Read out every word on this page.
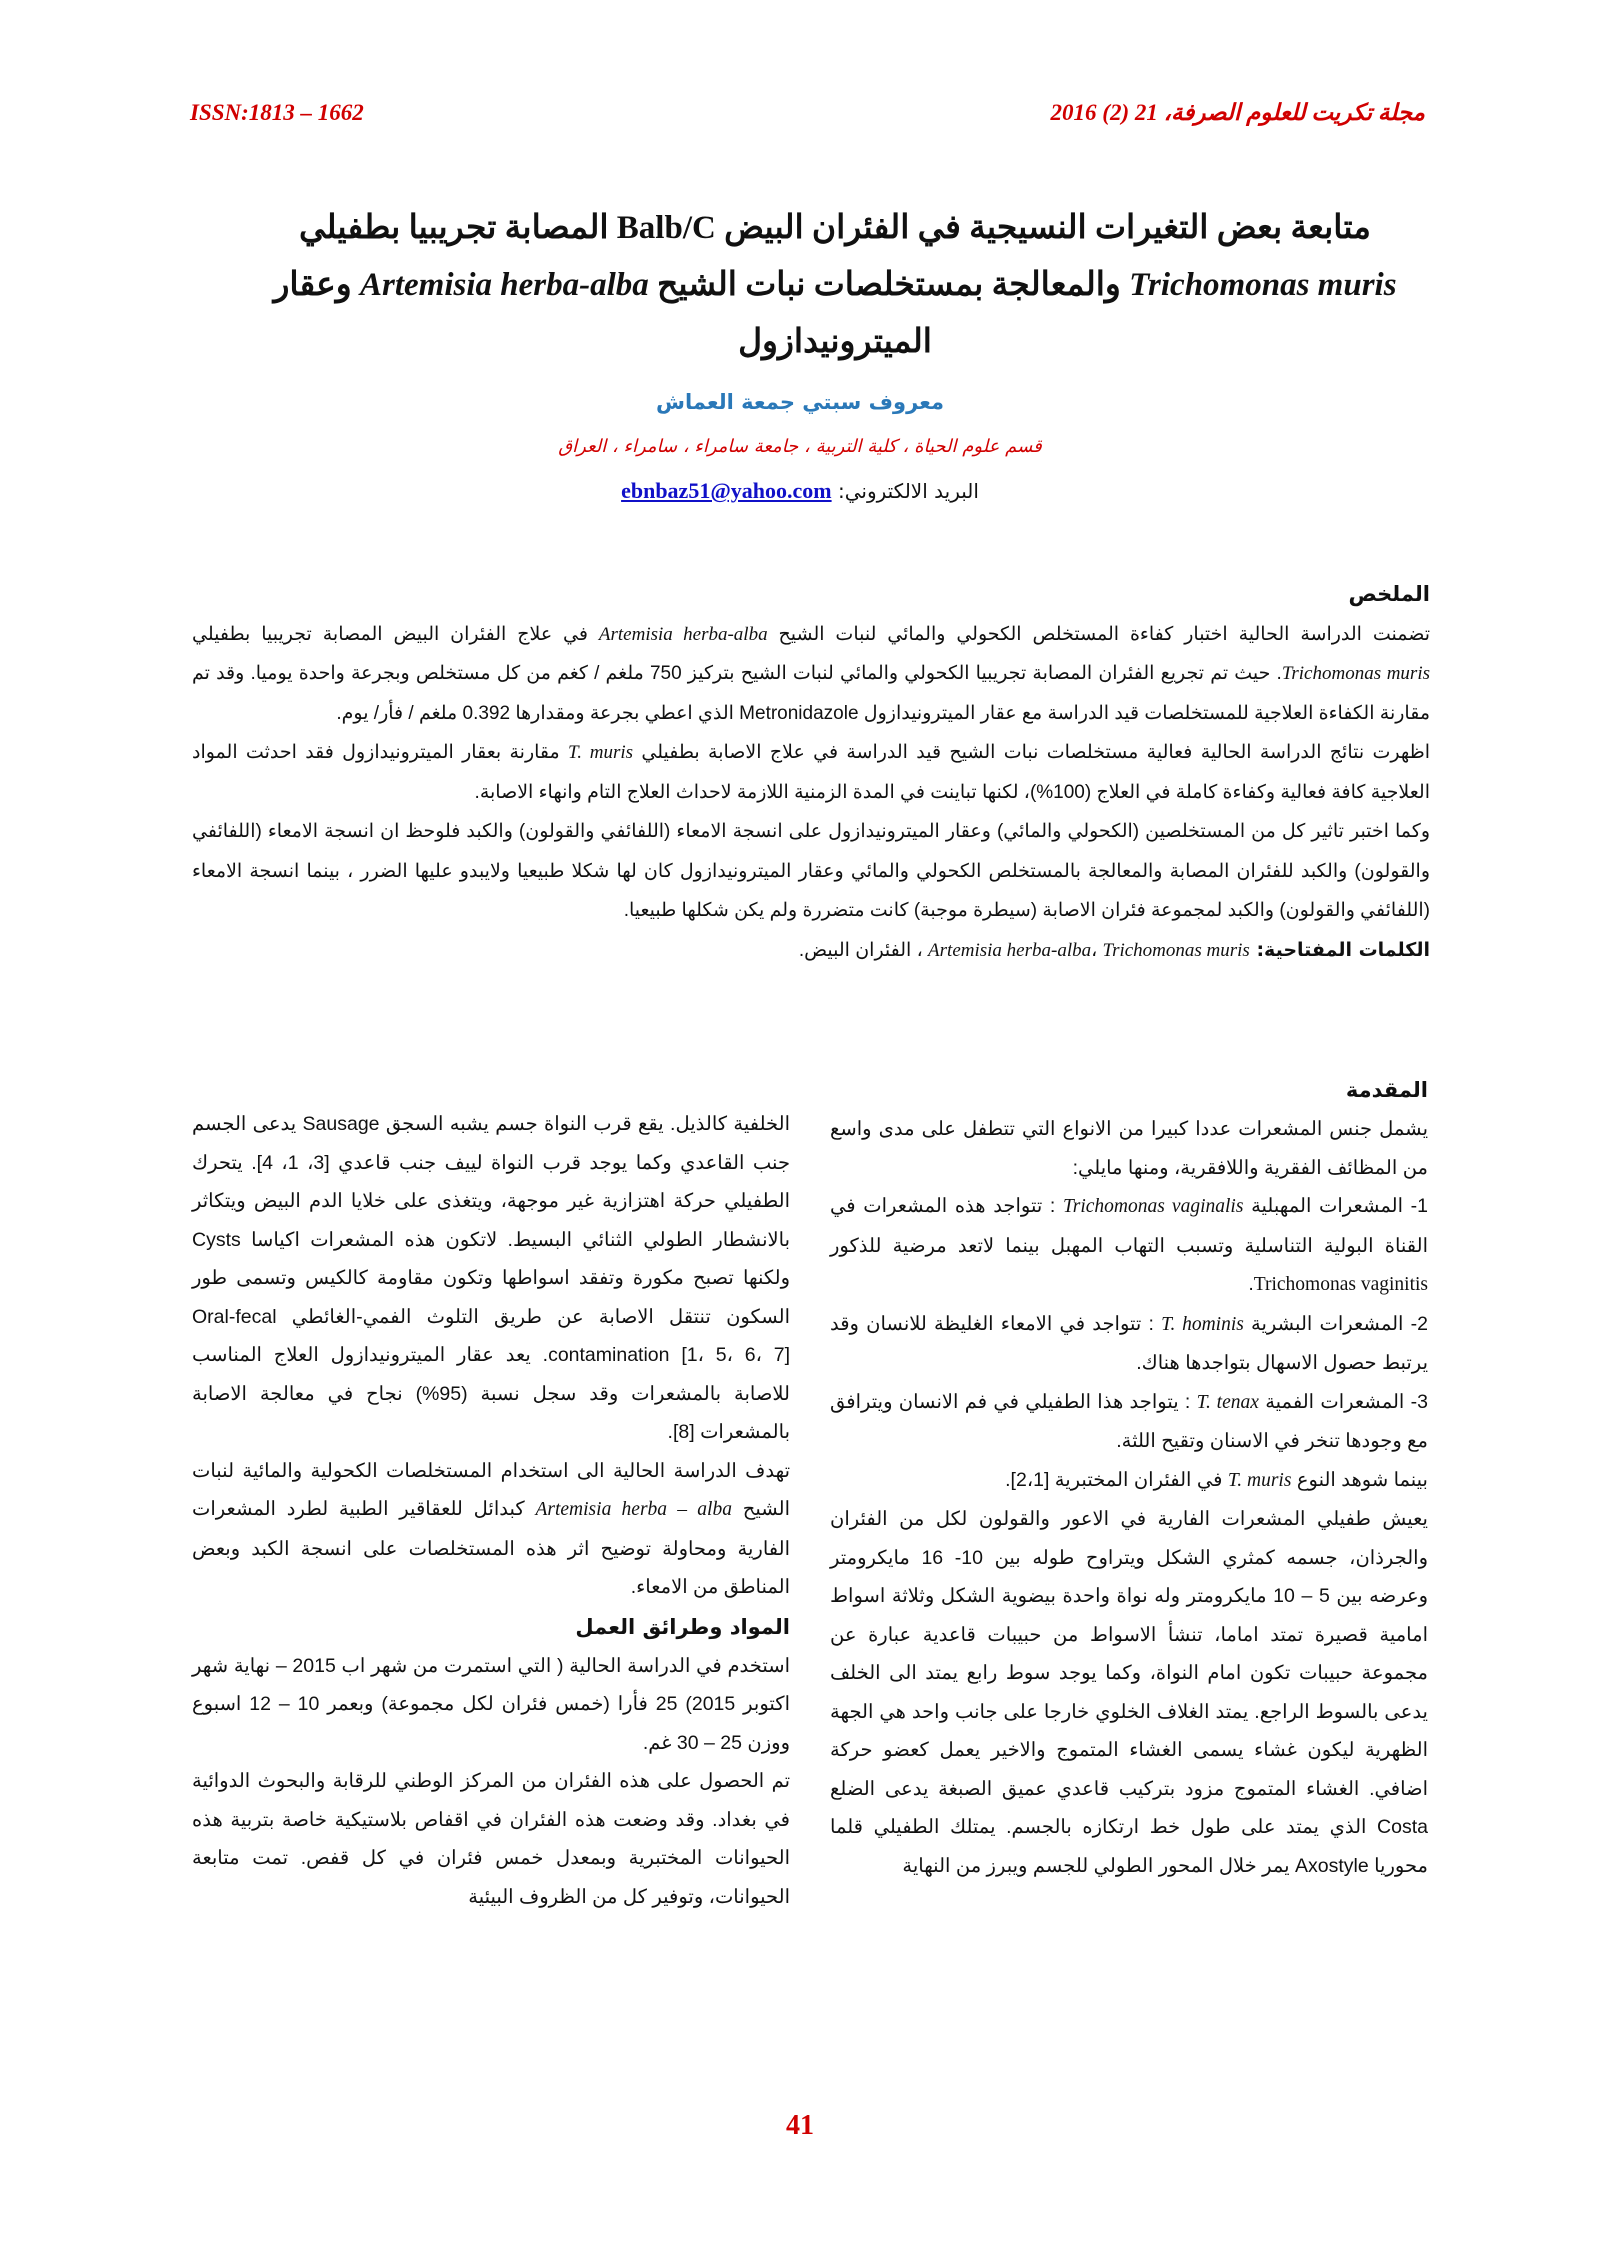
مجلة تكريت للعلوم الصرفة، 21 (2) 2016
ISSN:1813 – 1662
متابعة بعض التغيرات النسيجية في الفئران البيض Balb/C المصابة تجريبيا بطفيلي
Trichomonas muris والمعالجة بمستخلصات نبات الشيح Artemisia herba-alba وعقار
الميترونيدازول
معروف سبتي جمعة العماش
قسم علوم الحياة ، كلية التربية ، جامعة سامراء ، سامراء ، العراق
البريد الالكتروني: ebnbaz51@yahoo.com

الملخص

تضمنت الدراسة الحالية اختبار كفاءة المستخلص الكحولي والمائي لنبات الشيح Artemisia herba-alba في علاج الفئران البيض المصابة تجريبيا بطفيلي Trichomonas muris. حيث تم تجريع الفئران المصابة تجريبيا الكحولي والمائي لنبات الشيح بتركيز 750 ملغم / كغم من كل مستخلص وبجرعة واحدة يوميا. وقد تم مقارنة الكفاءة العلاجية للمستخلصات قيد الدراسة مع عقار الميترونيدازول Metronidazole الذي اعطي بجرعة ومقدارها 0.392 ملغم / فأر/ يوم.

اظهرت نتائج الدراسة الحالية فعالية مستخلصات نبات الشيح قيد الدراسة في علاج الاصابة بطفيلي T. muris مقارنة بعقار الميترونيدازول فقد احدثت المواد العلاجية كافة فعالية وكفاءة كاملة في العلاج (100%)، لكنها تباينت في المدة الزمنية اللازمة لاحداث العلاج التام وانهاء الاصابة.

وكما اختبر تاثير كل من المستخلصين (الكحولي والمائي) وعقار الميترونيدازول على انسجة الامعاء (اللفائفي والقولون) والكبد فلوحظ ان انسجة الامعاء (اللفائفي والقولون) والكبد للفئران المصابة والمعالجة بالمستخلص الكحولي والمائي وعقار الميترونيدازول كان لها شكلا طبيعيا ولايبدو عليها الضرر ، بينما انسجة الامعاء (اللفائفي والقولون) والكبد لمجموعة فئران الاصابة (سيطرة موجبة) كانت متضررة ولم يكن شكلها طبيعيا.

الكلمات المفتاحية: Artemisia herba-alba، Trichomonas muris ، الفئران البيض.

المقدمة

يشمل جنس المشعرات عددا كبيرا من الانواع التي تتطفل على مدى واسع من المظائف الفقرية واللافقرية، ومنها مايلي:

1- المشعرات المهبلية Trichomonas vaginalis : تتواجد هذه المشعرات في القناة البولية التناسلية وتسبب التهاب المهبل بينما لاتعد مرضية للذكور Trichomonas vaginitis.

2- المشعرات البشرية T. hominis : تتواجد في الامعاء الغليظة للانسان وقد يرتبط حصول الاسهال بتواجدها هناك.

3- المشعرات الفمية T. tenax : يتواجد هذا الطفيلي في فم الانسان ويترافق مع وجودها تنخر في الاسنان وتقيح اللثة.

بينما شوهد النوع T. muris في الفئران المختبرية [2،1].

يعيش طفيلي المشعرات الفارية في الاعور والقولون لكل من الفئران والجرذان، جسمه كمثري الشكل ويتراوح طوله بين 10- 16 مايكرومتر وعرضه بين 5 – 10 مايكرومتر وله نواة واحدة بيضوية الشكل وثلاثة اسواط امامية قصيرة تمتد اماما، تنشأ الاسواط من حبيبات قاعدية عبارة عن مجموعة حبيبات تكون امام النواة، وكما يوجد سوط رابع يمتد الى الخلف يدعى بالسوط الراجع. يمتد الغلاف الخلوي خارجا على جانب واحد هي الجهة الظهرية ليكون غشاء يسمى الغشاء المتموج والاخير يعمل كعضو حركة اضافي. الغشاء المتموج مزود بتركيب قاعدي عميق الصبغة يدعى الضلع Costa الذي يمتد على طول خط ارتكازه بالجسم. يمتلك الطفيلي قلما محوريا Axostyle يمر خلال المحور الطولي للجسم ويبرز من النهاية

الخلفية كالذيل. يقع قرب النواة جسم يشبه السجق Sausage يدعى الجسم جنب القاعدي وكما يوجد قرب النواة لييف جنب قاعدي [3، 1، 4]. يتحرك الطفيلي حركة اهتزازية غير موجهة، ويتغذى على خلايا الدم البيض ويتكاثر بالانشطار الطولي الثنائي البسيط. لاتكون هذه المشعرات اكياسا Cysts ولكنها تصبح مكورة وتفقد اسواطها وتكون مقاومة كالكيس وتسمى طور السكون تنتقل الاصابة عن طريق التلوث الفمي-الغائطي Oral-fecal contamination [1، 5، 6، 7]. يعد عقار الميترونيدازول العلاج المناسب للاصابة بالمشعرات وقد سجل نسبة (95%) نجاح في معالجة الاصابة بالمشعرات [8].

تهدف الدراسة الحالية الى استخدام المستخلصات الكحولية والمائية لنبات الشيح Artemisia herba – alba كبدائل للعقاقير الطبية لطرد المشعرات الفارية ومحاولة توضيح اثر هذه المستخلصات على انسجة الكبد وبعض المناطق من الامعاء.

المواد وطرائق العمل

استخدم في الدراسة الحالية ( التي استمرت من شهر اب 2015 – نهاية شهر اكتوبر 2015) 25 فأرا (خمس فئران لكل مجموعة) وبعمر 10 – 12 اسبوع ووزن 25 – 30 غم.

تم الحصول على هذه الفئران من المركز الوطني للرقابة والبحوث الدوائية في بغداد. وقد وضعت هذه الفئران في اقفاص بلاستيكية خاصة بتربية هذه الحيوانات المختبرية وبمعدل خمس فئران في كل قفص. تمت متابعة الحيوانات، وتوفير كل من الظروف البيئية

41
